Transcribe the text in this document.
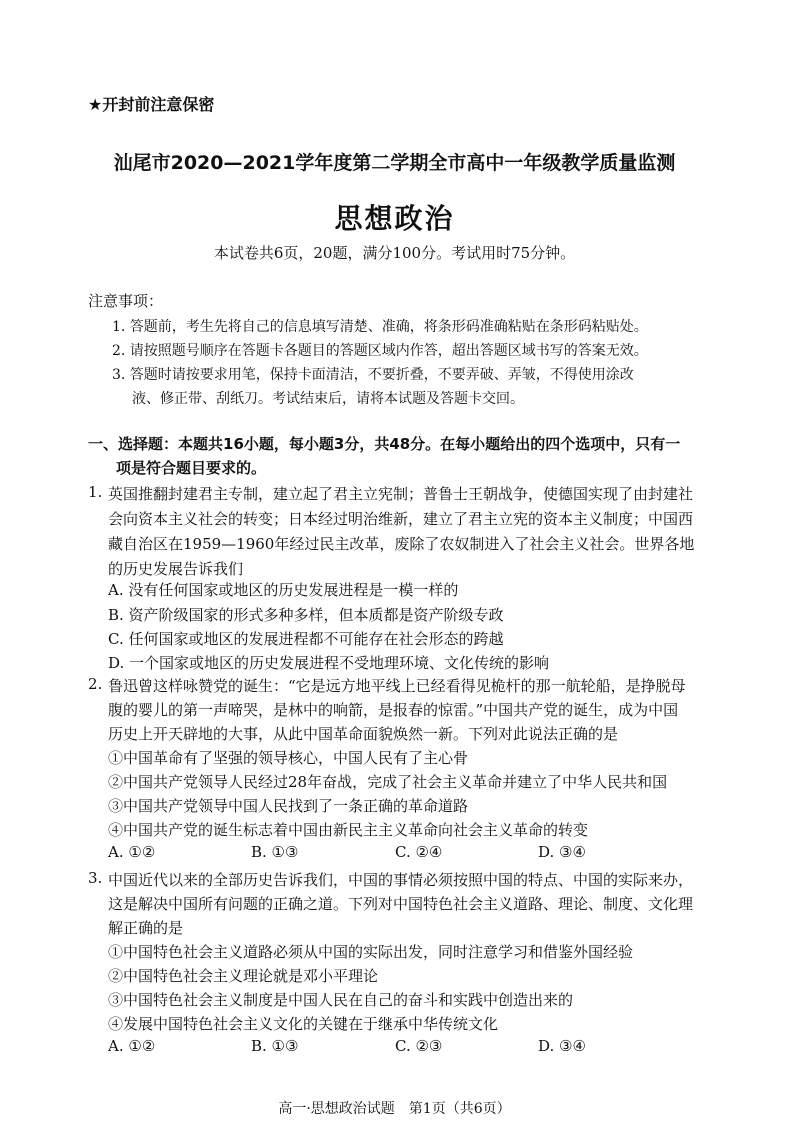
★开封前注意保密
汕尾市2020—2021学年度第二学期全市高中一年级教学质量监测
思想政治
本试卷共6页，20题，满分100分。考试用时75分钟。
注意事项：
1. 答题前，考生先将自己的信息填写清楚、准确，将条形码准确粘贴在条形码粘贴处。
2. 请按照题号顺序在答题卡各题目的答题区域内作答，超出答题区域书写的答案无效。
3. 答题时请按要求用笔，保持卡面清洁，不要折叠，不要弄破、弄皱，不得使用涂改
液、修正带、刮纸刀。考试结束后，请将本试题及答题卡交回。
一、选择题：本题共16小题，每小题3分，共48分。在每小题给出的四个选项中，只有一
项是符合题目要求的。
1. 英国推翻封建君主专制，建立起了君主立宪制；普鲁士王朝战争，使德国实现了由封建社
会向资本主义社会的转变；日本经过明治维新，建立了君主立宪的资本主义制度；中国西
藏自治区在1959—1960年经过民主改革，废除了农奴制进入了社会主义社会。世界各地
的历史发展告诉我们
A. 没有任何国家或地区的历史发展进程是一模一样的
B. 资产阶级国家的形式多种多样，但本质都是资产阶级专政
C. 任何国家或地区的发展进程都不可能存在社会形态的跨越
D. 一个国家或地区的历史发展进程不受地理环境、文化传统的影响
2. 鲁迅曾这样咏赞党的诞生：“它是远方地平线上已经看得见桅杆的那一航轮船，是挣脱母
腹的婴儿的第一声啼哭，是林中的响箭，是报春的惊雷。”中国共产党的诞生，成为中国
历史上开天辟地的大事，从此中国革命面貌焕然一新。下列对此说法正确的是
①中国革命有了坚强的领导核心，中国人民有了主心骨
②中国共产党领导人民经过28年奋战，完成了社会主义革命并建立了中华人民共和国
③中国共产党领导中国人民找到了一条正确的革命道路
④中国共产党的诞生标志着中国由新民主主义革命向社会主义革命的转变
A. ①②	B. ①③	C. ②④	D. ③④
3. 中国近代以来的全部历史告诉我们，中国的事情必须按照中国的特点、中国的实际来办，
这是解决中国所有问题的正确之道。下列对中国特色社会主义道路、理论、制度、文化理
解正确的是
①中国特色社会主义道路必须从中国的实际出发，同时注意学习和借鉴外国经验
②中国特色社会主义理论就是邓小平理论
③中国特色社会主义制度是中国人民在自己的奋斗和实践中创造出来的
④发展中国特色社会主义文化的关键在于继承中华传统文化
A. ①②	B. ①③	C. ②③	D. ③④
高一·思想政治试题　第1页（共6页）
